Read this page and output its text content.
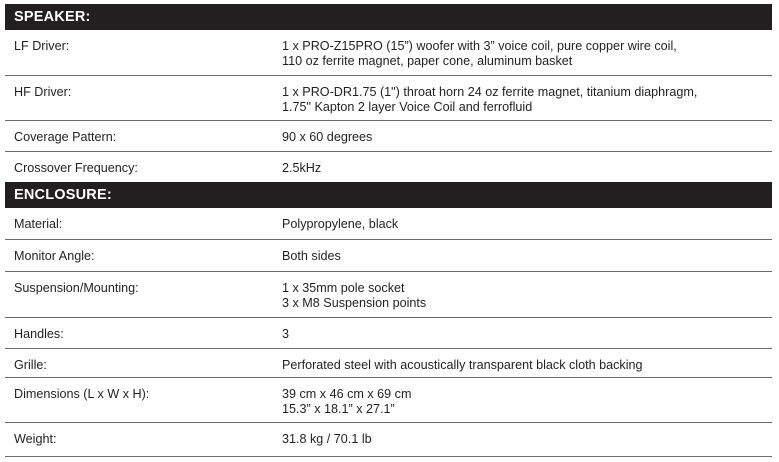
SPEAKER:
LF Driver:	1 x PRO-Z15PRO (15”) woofer with 3” voice coil, pure copper wire coil,
110 oz ferrite magnet, paper cone, aluminum basket
HF Driver:	1 x PRO-DR1.75 (1") throat horn 24 oz ferrite magnet, titanium diaphragm,
1.75" Kapton 2 layer Voice Coil and ferrofluid
Coverage Pattern:	90 x 60 degrees
Crossover Frequency:	2.5kHz
ENCLOSURE:
Material:	Polypropylene, black
Monitor Angle:	Both sides
Suspension/Mounting:	1 x 35mm pole socket
3 x M8 Suspension points
Handles:	3
Grille:	Perforated steel with acoustically transparent black cloth backing
Dimensions (L x W x H):	39 cm x 46 cm x 69 cm
15.3” x 18.1” x 27.1”
Weight:	31.8 kg / 70.1 lb
